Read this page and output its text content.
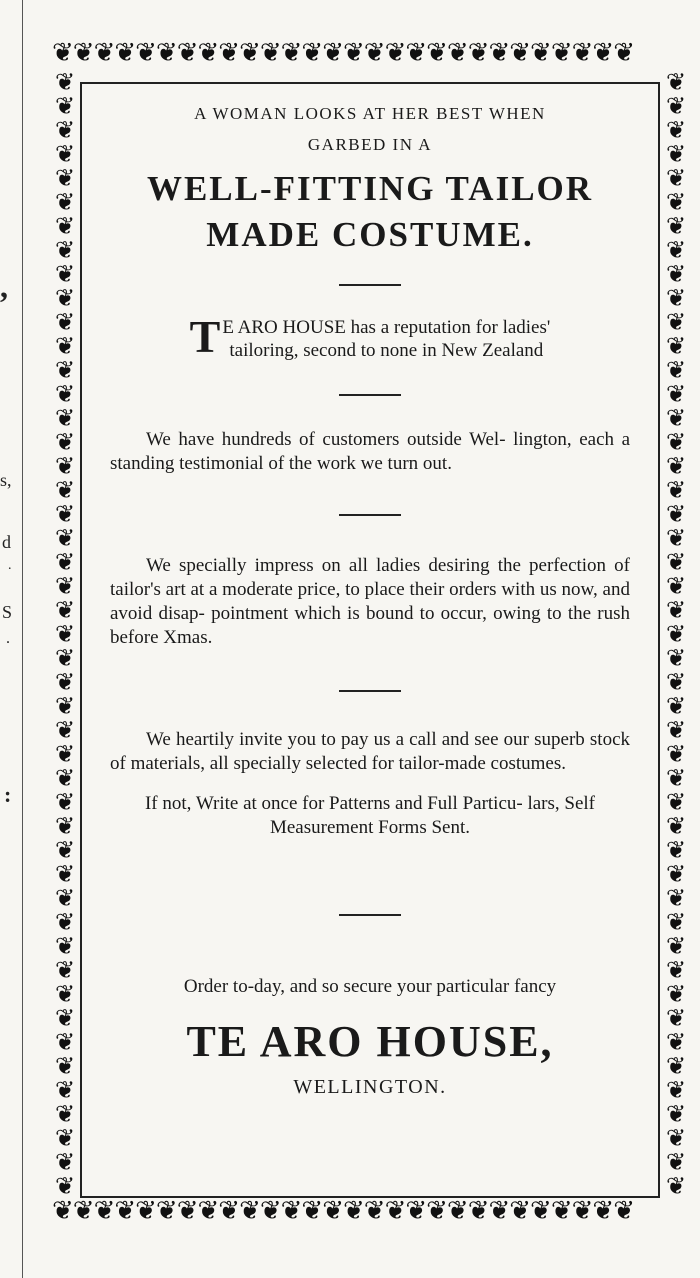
,
s,
d
.
S
.
:
❦❦❦❦❦❦❦❦❦❦❦❦❦❦❦❦❦❦❦❦❦❦❦❦❦❦❦❦
❦❦❦❦❦❦❦❦❦❦❦❦❦❦❦❦❦❦❦❦❦❦❦❦❦❦❦❦
❦❦❦❦❦❦❦❦❦❦❦❦❦❦❦❦❦❦❦❦❦❦❦❦❦❦❦❦❦❦❦❦❦❦❦❦❦❦❦❦❦❦❦❦❦❦❦
❦❦❦❦❦❦❦❦❦❦❦❦❦❦❦❦❦❦❦❦❦❦❦❦❦❦❦❦❦❦❦❦❦❦❦❦❦❦❦❦❦❦❦❦❦❦❦
A WOMAN LOOKS AT HER BEST WHEN
GARBED IN A
WELL-FITTING TAILOR
MADE COSTUME.
T E ARO HOUSE has a reputation for ladies'
tailoring, second to none in New Zealand

We have hundreds of customers outside Wel- lington, each a standing testimonial of the work we turn out.

We specially impress on all ladies desiring the perfection of tailor's art at a moderate price, to place their orders with us now, and avoid disap- pointment which is bound to occur, owing to the rush before Xmas.

We heartily invite you to pay us a call and see our superb stock of materials, all specially selected for tailor-made costumes.

If not, Write at once for Patterns and Full Particu- lars, Self Measurement Forms Sent.

Order to-day, and so secure your particular fancy
TE ARO HOUSE,
WELLINGTON.
